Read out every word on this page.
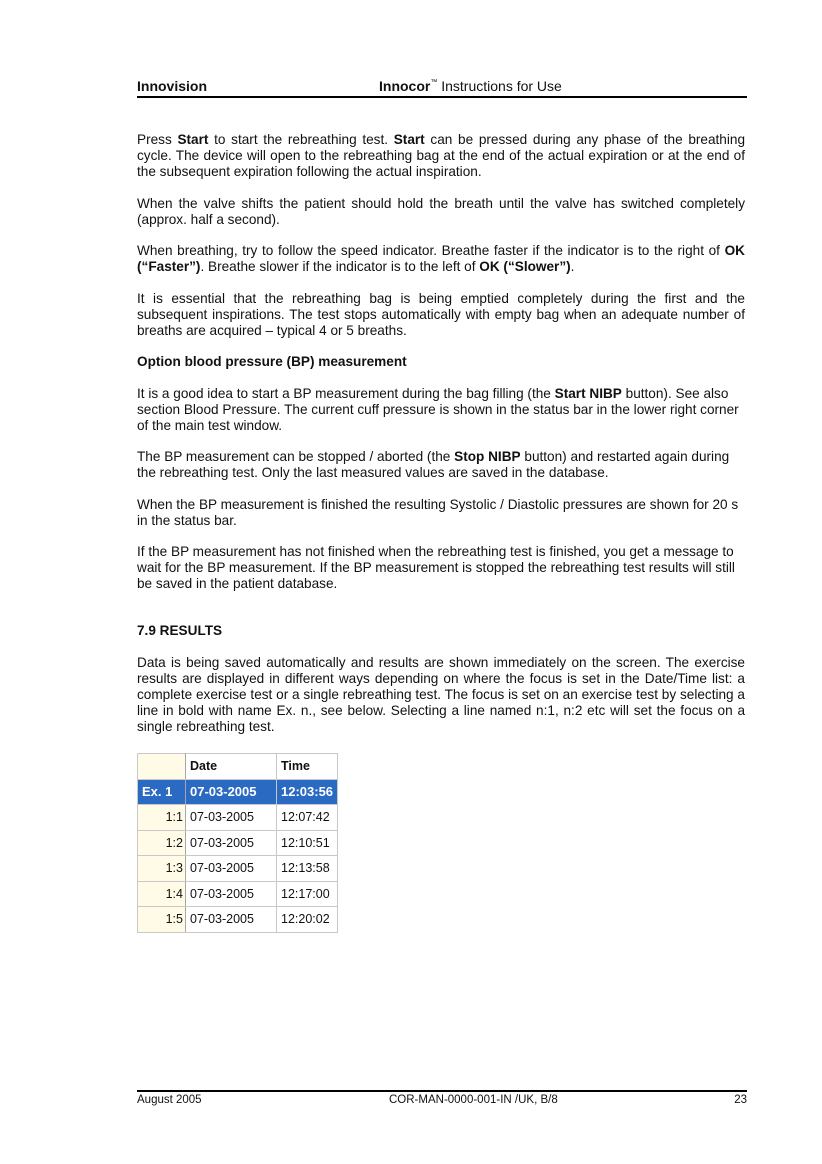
Innovision	Innocor™ Instructions for Use

Press Start to start the rebreathing test. Start can be pressed during any phase of the breathing cycle. The device will open to the rebreathing bag at the end of the actual expiration or at the end of the subsequent expiration following the actual inspiration.

When the valve shifts the patient should hold the breath until the valve has switched completely (approx. half a second).

When breathing, try to follow the speed indicator. Breathe faster if the indicator is to the right of OK (“Faster”). Breathe slower if the indicator is to the left of OK (“Slower”).

It is essential that the rebreathing bag is being emptied completely during the first and the subsequent inspirations. The test stops automatically with empty bag when an adequate number of breaths are acquired – typical 4 or 5 breaths.

Option blood pressure (BP) measurement

It is a good idea to start a BP measurement during the bag filling (the Start NIBP button). See also section Blood Pressure. The current cuff pressure is shown in the status bar in the lower right corner of the main test window.

The BP measurement can be stopped / aborted (the Stop NIBP button) and restarted again during the rebreathing test. Only the last measured values are saved in the database.

When the BP measurement is finished the resulting Systolic / Diastolic pressures are shown for 20 s in the status bar.

If the BP measurement has not finished when the rebreathing test is finished, you get a message to wait for the BP measurement. If the BP measurement is stopped the rebreathing test results will still be saved in the patient database.

7.9 RESULTS

Data is being saved automatically and results are shown immediately on the screen. The exercise results are displayed in different ways depending on where the focus is set in the Date/Time list: a complete exercise test or a single rebreathing test. The focus is set on an exercise test by selecting a line in bold with name Ex. n., see below. Selecting a line named n:1, n:2 etc will set the focus on a single rebreathing test.

	Date	Time
Ex. 1	07-03-2005	12:03:56
1:1	07-03-2005	12:07:42
1:2	07-03-2005	12:10:51
1:3	07-03-2005	12:13:58
1:4	07-03-2005	12:17:00
1:5	07-03-2005	12:20:02
August 2005	COR-MAN-0000-001-IN /UK, B/8	23
